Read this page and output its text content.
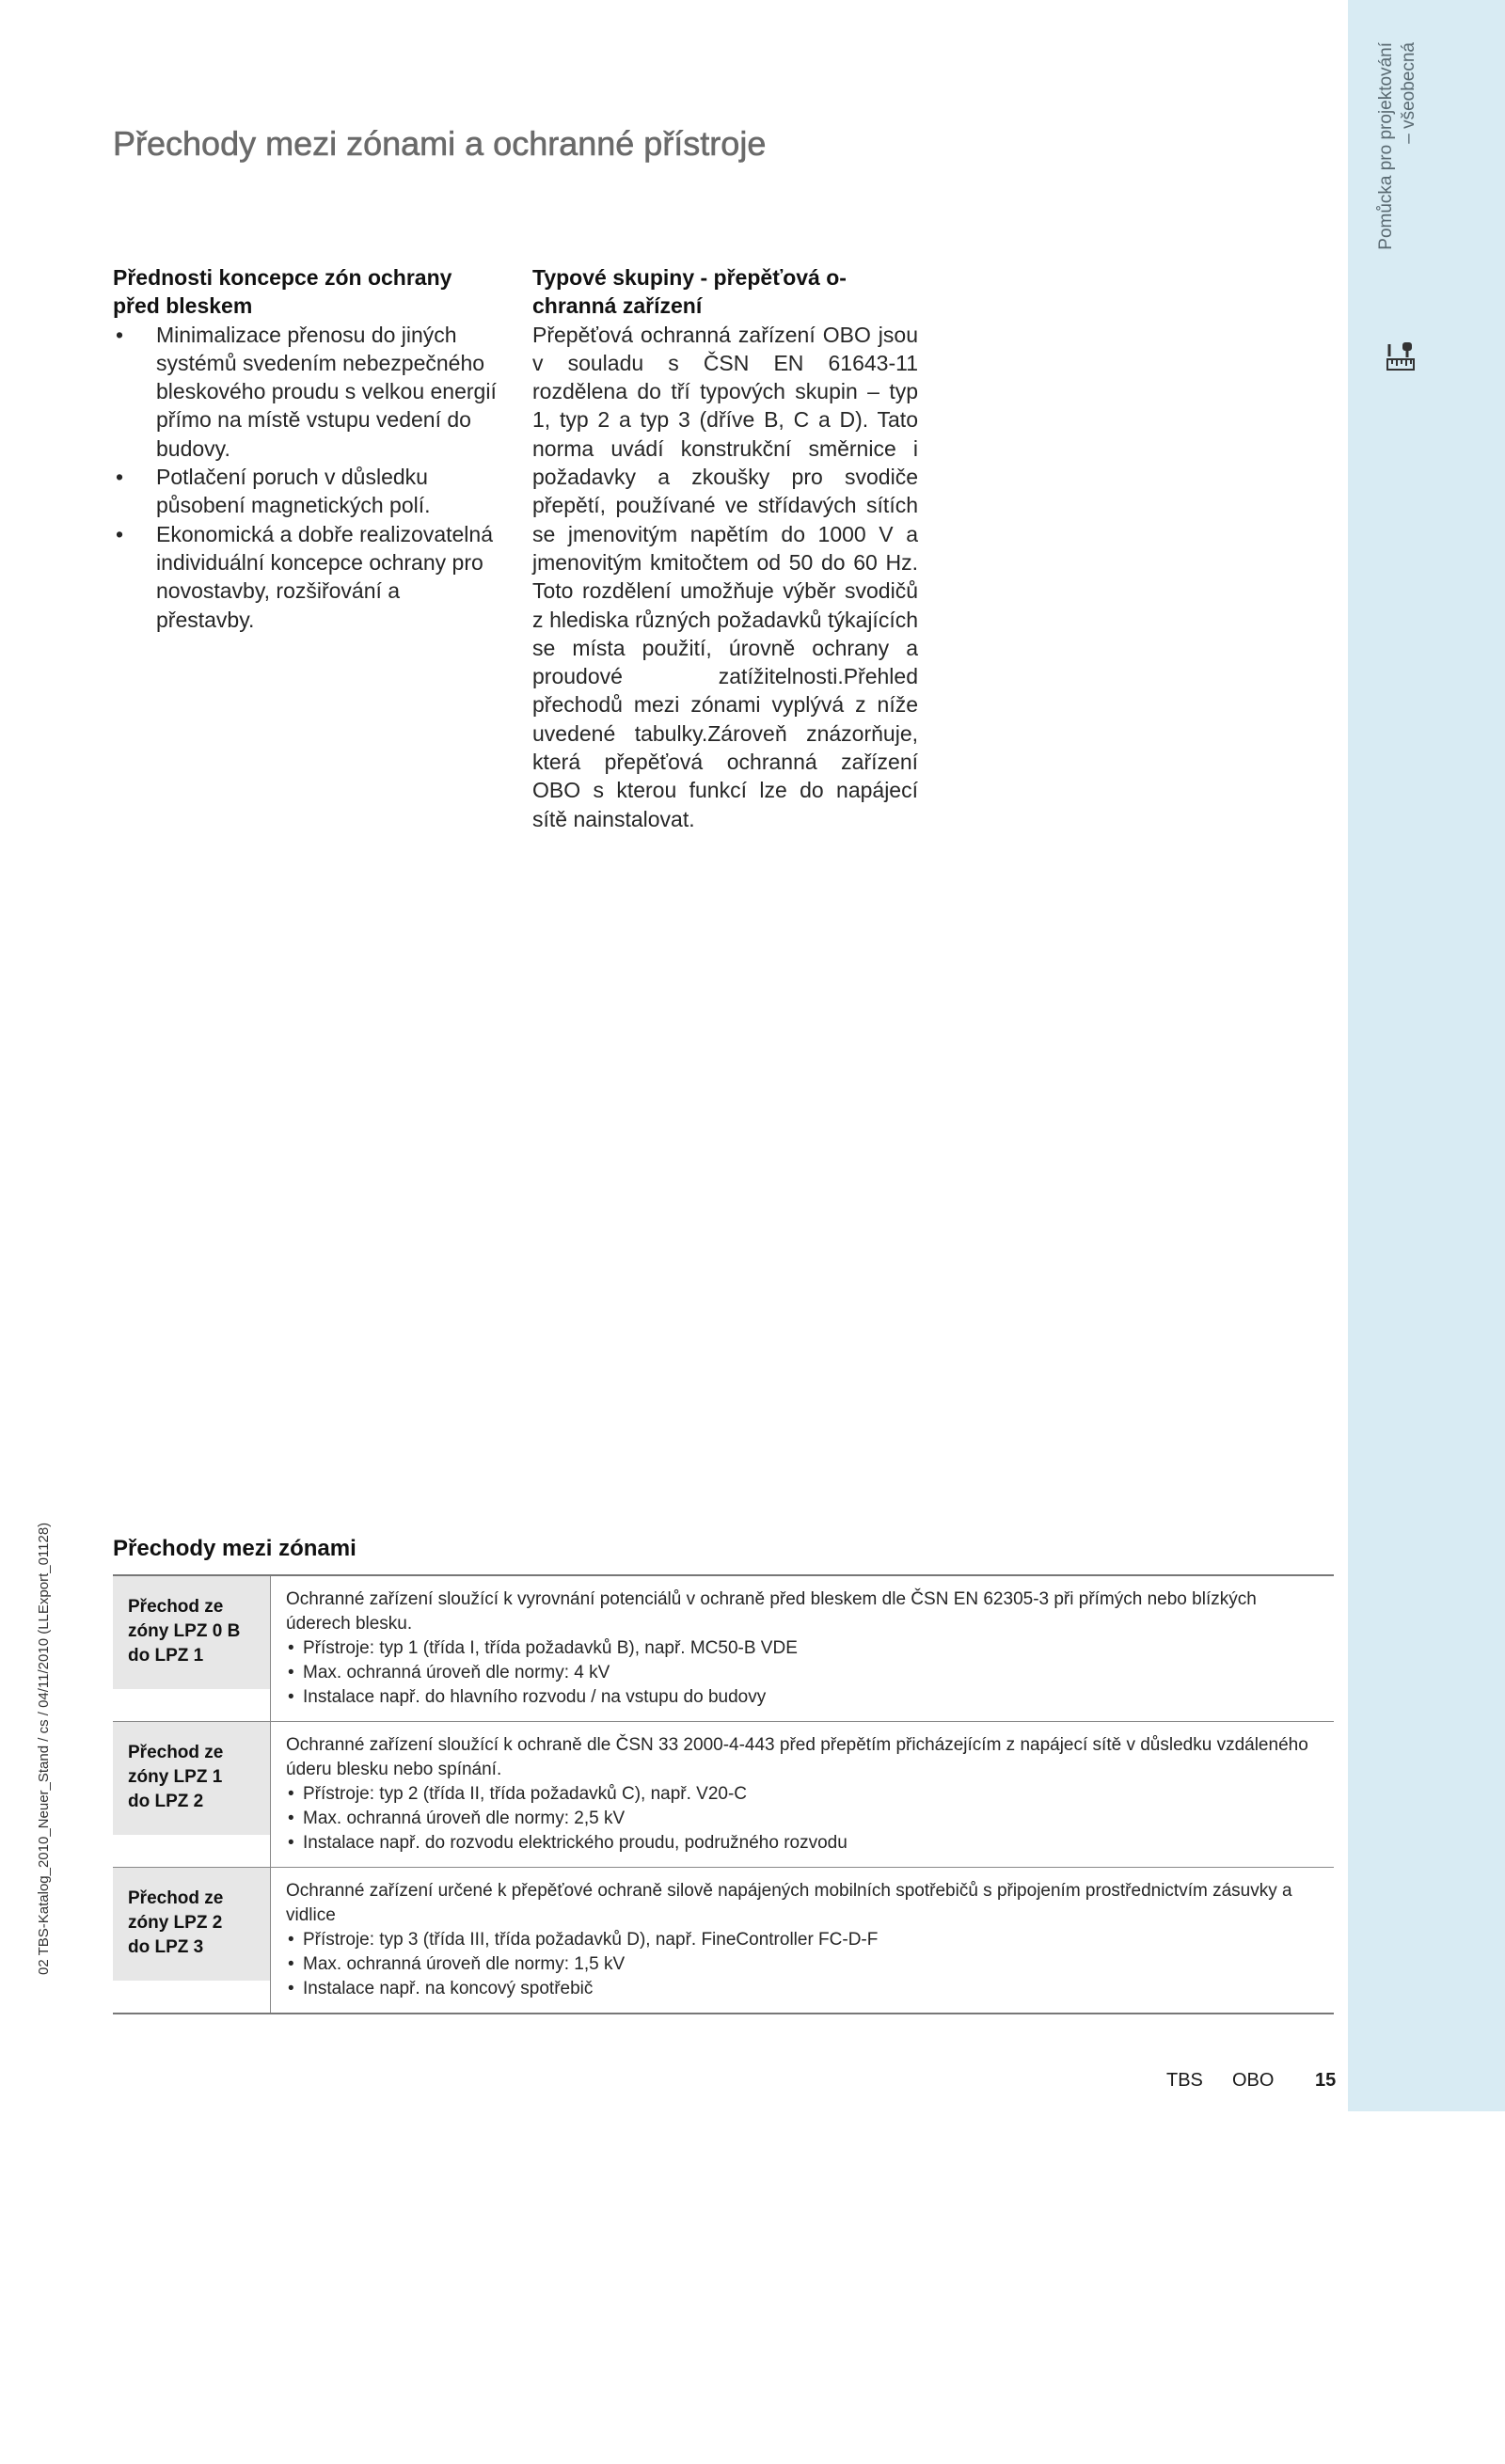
Pomůcka pro projektování – všeobecná
Přechody mezi zónami a ochranné přístroje
Přednosti koncepce zón ochrany
před bleskem
• Minimalizace přenosu do jiných systémů svedením nebezpečného bleskového proudu s velkou energií přímo na místě vstupu vedení do budovy.
• Potlačení poruch v důsledku působení magnetických polí.
• Ekonomická a dobře realizovatelná individuální koncepce ochrany pro novostavby, rozšiřování a přestavby.
Typové skupiny - přepěťová o-
chranná zařízení

Přepěťová ochranná zařízení OBO jsou v souladu s ČSN EN 61643-11 rozdělena do tří typových skupin – typ 1, typ 2 a typ 3 (dříve B, C a D). Tato norma uvádí konstrukční směrnice i požadavky a zkoušky pro svodiče přepětí, používané ve střídavých sítích se jmenovitým napětím do 1000 V a jmenovitým kmitočtem od 50 do 60 Hz. Toto rozdělení umožňuje výběr svodičů z hlediska různých požadavků týkajících se místa použití, úrovně ochrany a proudové zatížitelnosti.Přehled přechodů mezi zónami vyplývá z níže uvedené tabulky.Zároveň znázorňuje, která přepěťová ochranná zařízení OBO s kterou funkcí lze do napájecí sítě nainstalovat.

02 TBS-Katalog_2010_Neuer_Stand / cs / 04/11/2010 (LLExport_01128)	Přechody mezi zónami
Přechod ze
zóny LPZ 0 B
do LPZ 1

Ochranné zařízení sloužící k vyrovnání potenciálů v ochraně před bleskem dle ČSN EN 62305-3 při přímých nebo blízkých úderech blesku.

• Přístroje: typ 1 (třída I, třída požadavků B), např. MC50-B VDE
• Max. ochranná úroveň dle normy: 4 kV
• Instalace např. do hlavního rozvodu / na vstupu do budovy
Přechod ze
zóny LPZ 1
do LPZ 2

Ochranné zařízení sloužící k ochraně dle ČSN 33 2000-4-443 před přepětím přicházejícím z napájecí sítě v důsledku vzdáleného úderu blesku nebo spínání.

• Přístroje: typ 2 (třída II, třída požadavků C), např. V20-C
• Max. ochranná úroveň dle normy: 2,5 kV
• Instalace např. do rozvodu elektrického proudu, podružného rozvodu
Přechod ze
zóny LPZ 2
do LPZ 3

Ochranné zařízení určené k přepěťové ochraně silově napájených mobilních spotřebičů s připojením prostřednictvím zásuvky a vidlice

• Přístroje: typ 3 (třída III, třída požadavků D), např. FineController FC-D-F
• Max. ochranná úroveň dle normy: 1,5 kV
• Instalace např. na koncový spotřebič
TBS OBO 15
